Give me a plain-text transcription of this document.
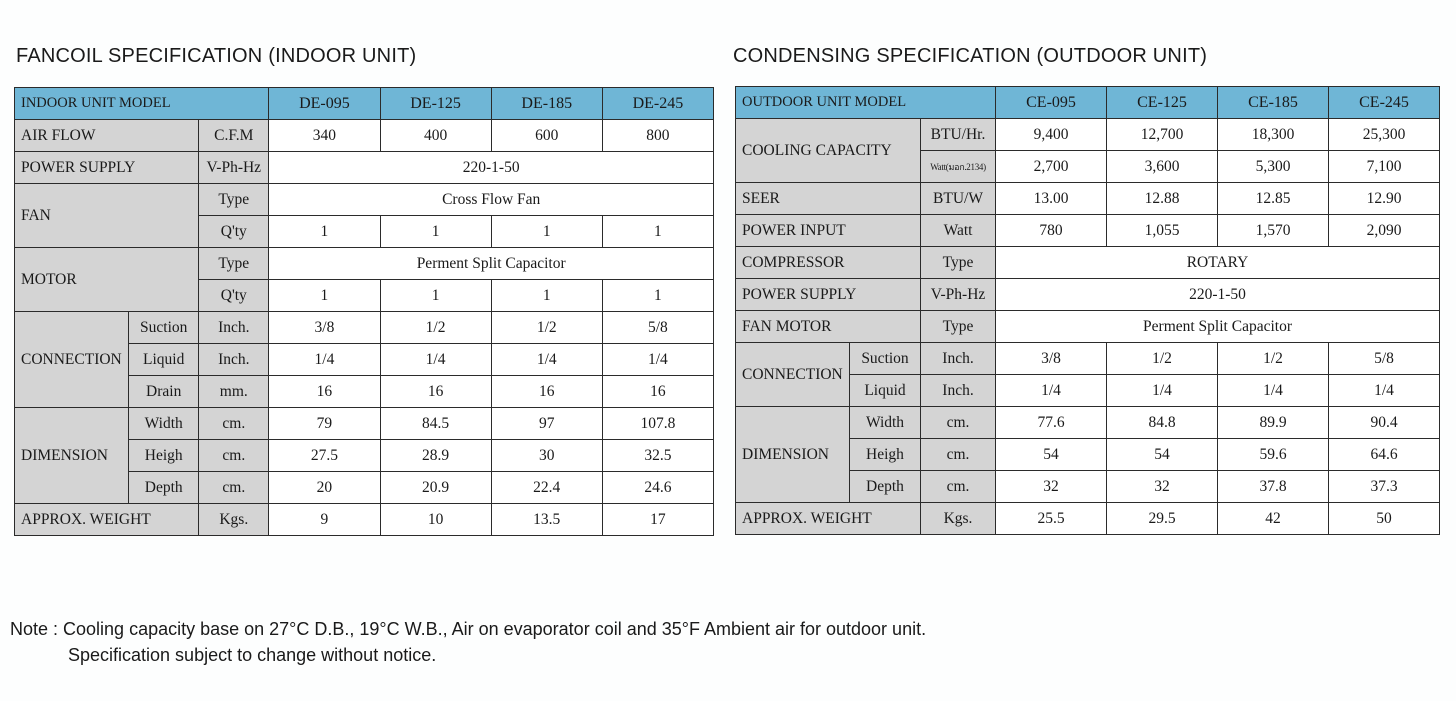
FANCOIL SPECIFICATION (INDOOR UNIT)	CONDENSING SPECIFICATION (OUTDOOR UNIT)
INDOOR UNIT MODEL			DE-095	DE-125	DE-185	DE-245
AIR FLOW		C.F.M	340	400	600	800
POWER SUPPLY		V-Ph-Hz	220-1-50			
FAN		Type	Cross Flow Fan			
		Q'ty	1	1	1	1
MOTOR		Type	Perment Split Capacitor			
		Q'ty	1	1	1	1
CONNECTION	Suction	Inch.	3/8	1/2	1/2	5/8
	Liquid	Inch.	1/4	1/4	1/4	1/4
	Drain	mm.	16	16	16	16
DIMENSION	Width	cm.	79	84.5	97	107.8
	Heigh	cm.	27.5	28.9	30	32.5
	Depth	cm.	20	20.9	22.4	24.6
APPROX. WEIGHT		Kgs.	9	10	13.5	17
OUTDOOR UNIT MODEL			CE-095	CE-125	CE-185	CE-245
COOLING CAPACITY		BTU/Hr.	9,400	12,700	18,300	25,300
		Watt(มอก.2134)	2,700	3,600	5,300	7,100
SEER		BTU/W	13.00	12.88	12.85	12.90
POWER INPUT		Watt	780	1,055	1,570	2,090
COMPRESSOR		Type	ROTARY			
POWER SUPPLY		V-Ph-Hz	220-1-50			
FAN MOTOR		Type	Perment Split Capacitor			
CONNECTION	Suction	Inch.	3/8	1/2	1/2	5/8
	Liquid	Inch.	1/4	1/4	1/4	1/4
DIMENSION	Width	cm.	77.6	84.8	89.9	90.4
	Heigh	cm.	54	54	59.6	64.6
	Depth	cm.	32	32	37.8	37.3
APPROX. WEIGHT		Kgs.	25.5	29.5	42	50
Note : Cooling capacity base on 27°C D.B., 19°C W.B., Air on evaporator coil and 35°F Ambient air for outdoor unit.
Specification subject to change without notice.
